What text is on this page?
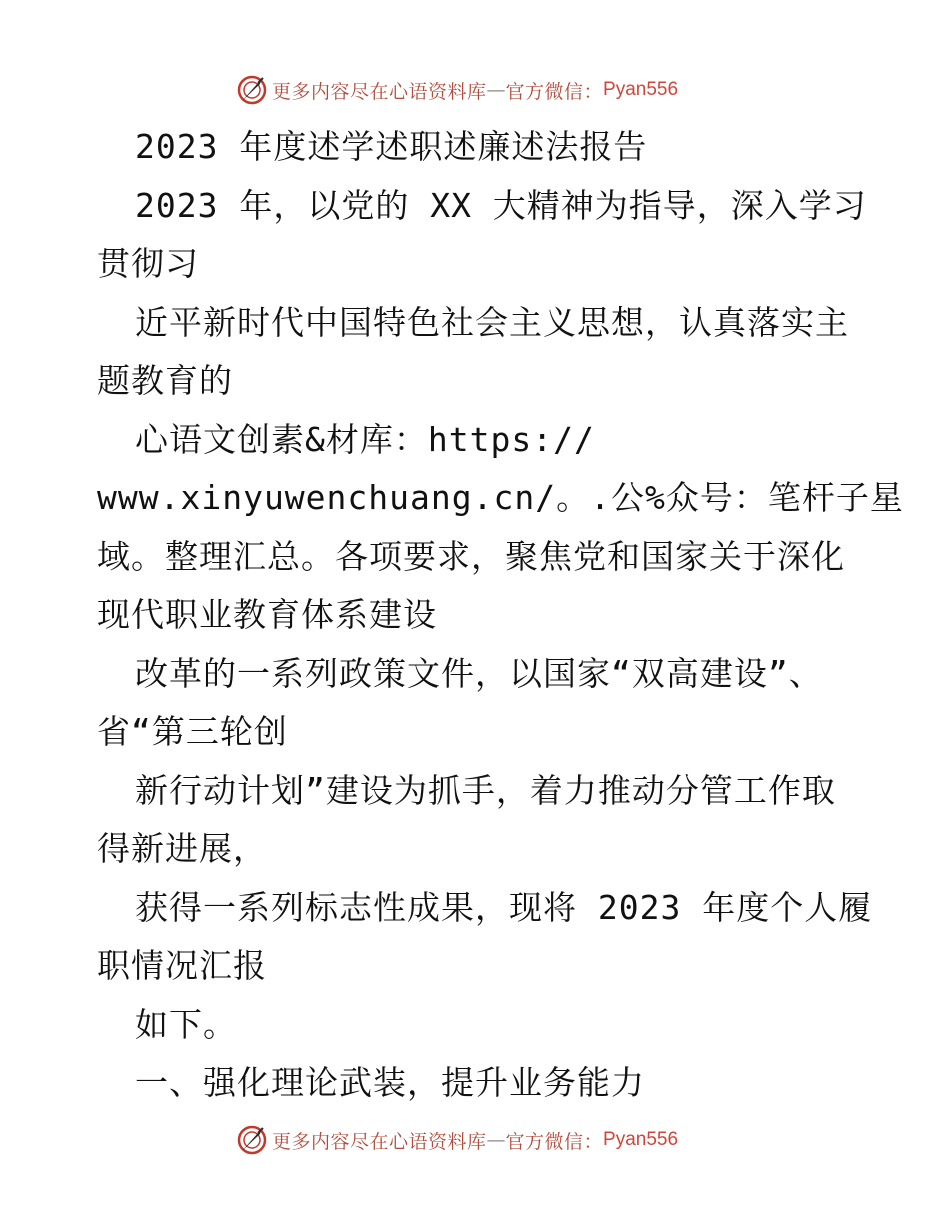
更多内容尽在心语资料库 — 官方微信： Pyan556
2023 年度述学述职述廉述法报告
2023 年，以党的 XX 大精神为指导，深入学习
贯彻习
近平新时代中国特色社会主义思想，认真落实主
题教育的
心语文创素&材库：https://
www.xinyuwenchuang.cn/。.公%众号：笔杆子星
域。整理汇总。各项要求，聚焦党和国家关于深化
现代职业教育体系建设
改革的一系列政策文件，以国家“双高建设”、
省“第三轮创
新行动计划”建设为抓手，着力推动分管工作取
得新进展，
获得一系列标志性成果，现将 2023 年度个人履
职情况汇报
如下。
一、强化理论武装，提升业务能力
更多内容尽在心语资料库 — 官方微信： Pyan556
